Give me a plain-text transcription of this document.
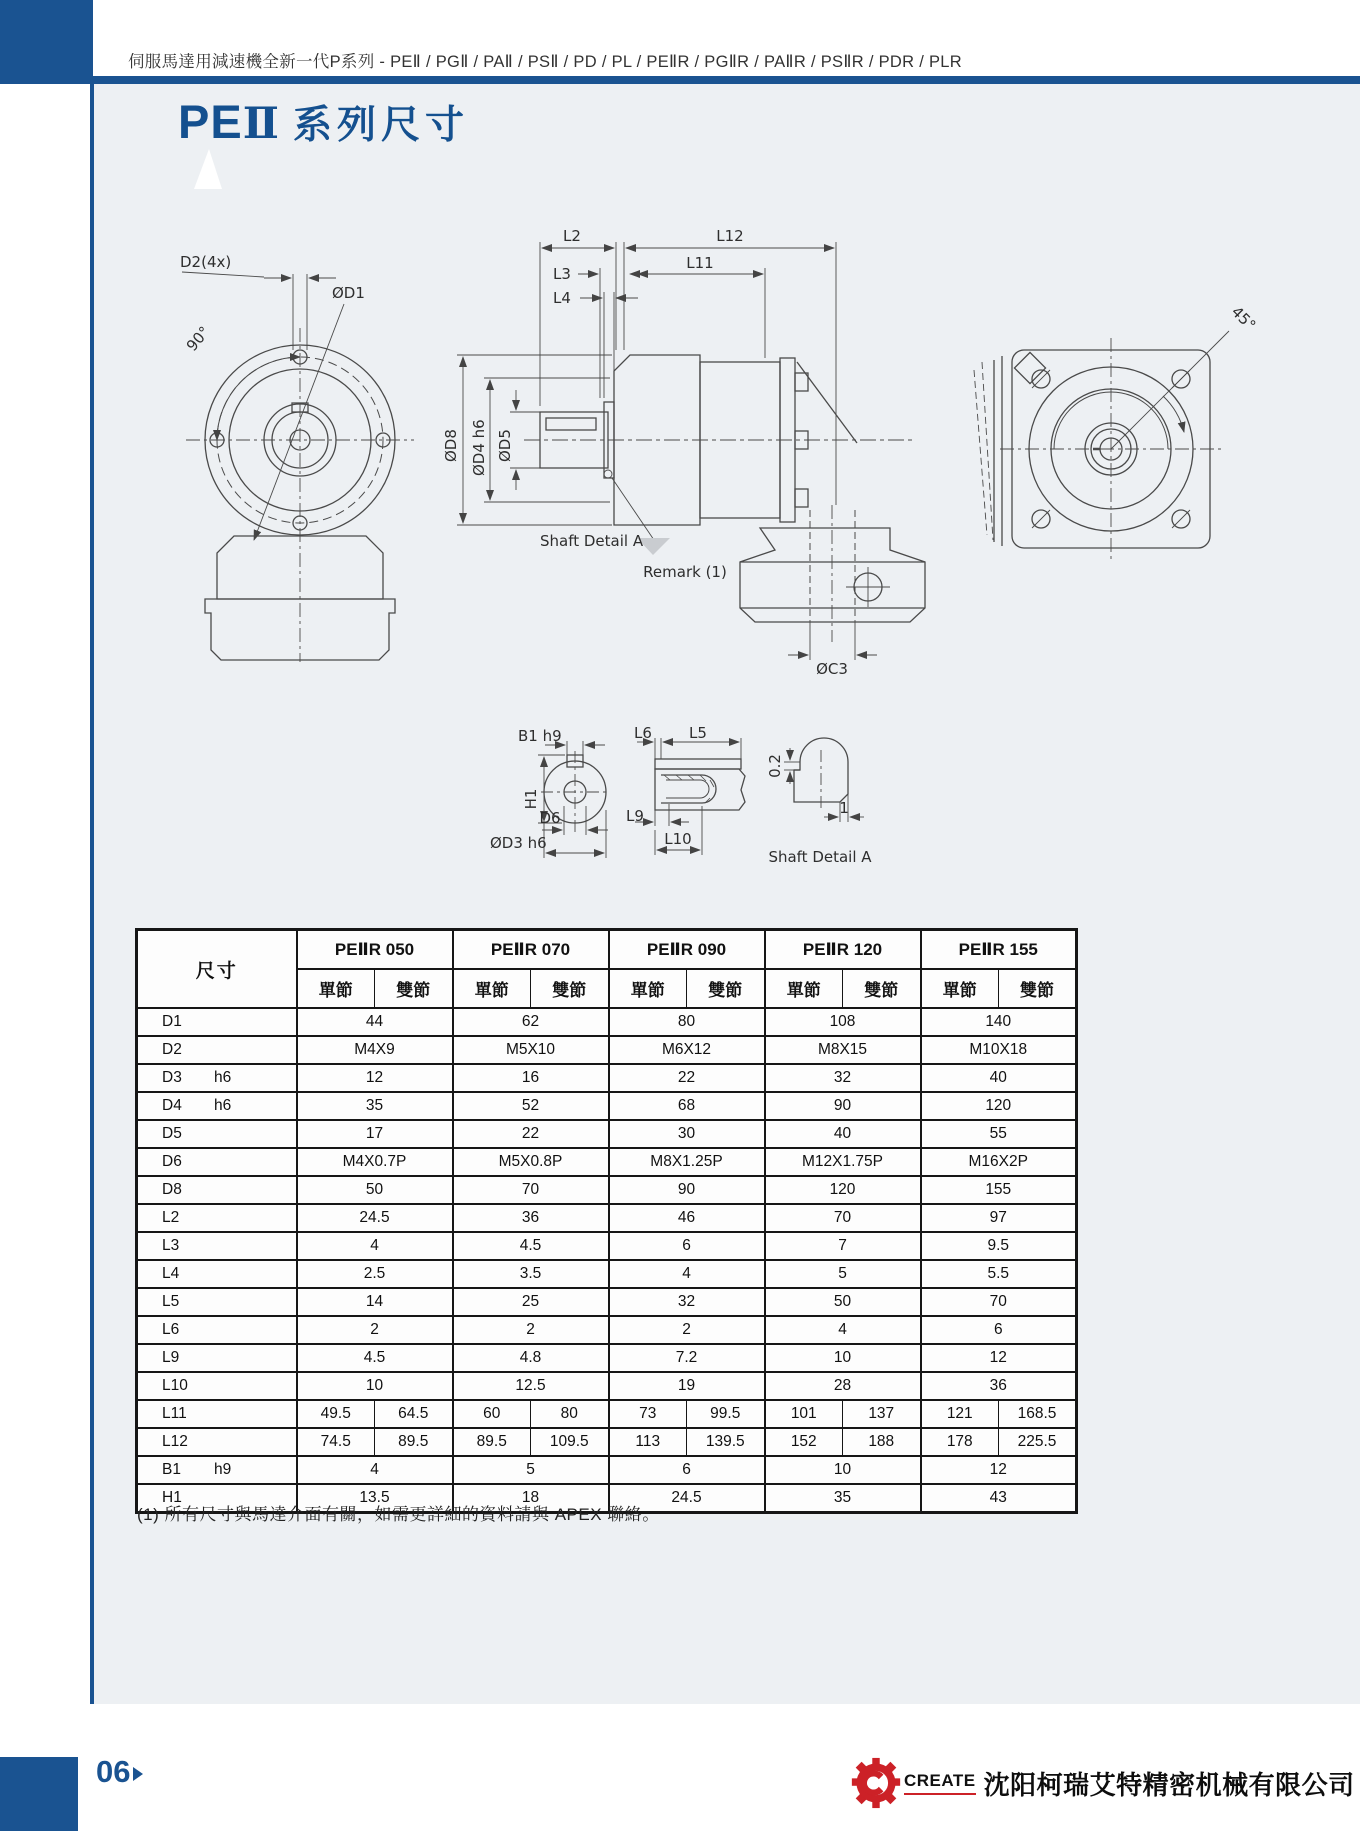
伺服馬達用減速機全新一代P系列 - PEⅡ / PGⅡ / PAⅡ / PSⅡ / PD / PL / PEⅡR / PGⅡR / PAⅡR / PSⅡR / PDR / PLR
PEⅡ 系列尺寸
D2(4x)
ØD1
90°
L2	L12
L3
L11
L4
ØD8 ØD4 h6 ØD5
Shaft Detail A
Remark (1)
ØC3
45°
B1 h9
H1
D6
ØD3 h6
L6 L5
L9
L10
0.2
1
Shaft Detail A
尺寸	PEⅡR 050		PEⅡR 070		PEⅡR 090		PEⅡR 120		PEⅡR 155	
	單節	雙節	單節	雙節	單節	雙節	單節	雙節	單節	雙節
D1	44		62		80		108		140	
D2	M4X9		M5X10		M6X12		M8X15		M10X18	
D3 h6	12		16		22		32		40	
D4 h6	35		52		68		90		120	
D5	17		22		30		40		55	
D6	M4X0.7P		M5X0.8P		M8X1.25P		M12X1.75P		M16X2P	
D8	50		70		90		120		155	
L2	24.5		36		46		70		97	
L3	4		4.5		6		7		9.5	
L4	2.5		3.5		4		5		5.5	
L5	14		25		32		50		70	
L6	2		2		2		4		6	
L9	4.5		4.8		7.2		10		12	
L10	10		12.5		19		28		36	
L11	49.5	64.5	60	80	73	99.5	101	137	121	168.5
L12	74.5	89.5	89.5	109.5	113	139.5	152	188	178	225.5
B1 h9	4		5		6		10		12	
H1	13.5		18		24.5		35		43	
(1) 所有尺寸與馬達介面有關，如需更詳細的資料請與 APEX 聯絡。
06	CREATE 沈阳柯瑞艾特精密机械有限公司
